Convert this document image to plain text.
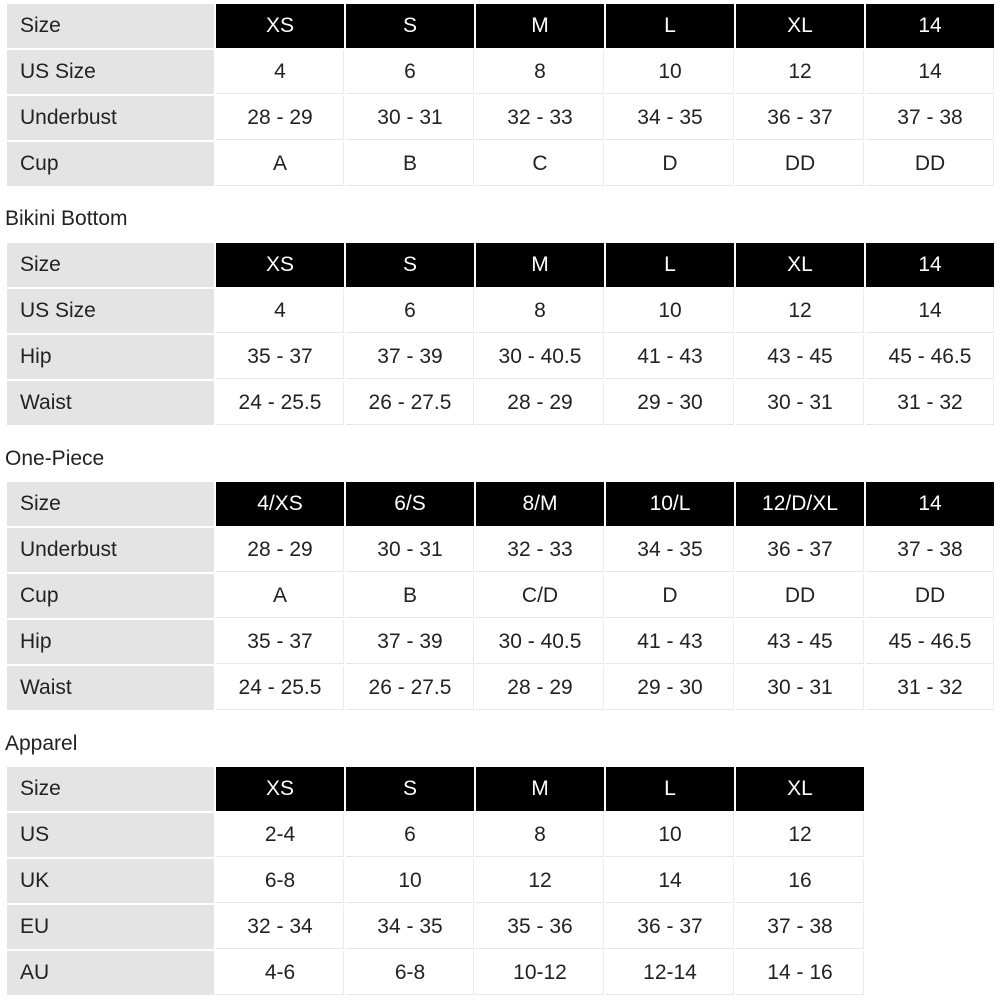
Size	XS	S	M	L	XL	14
US Size	4	6	8	10	12	14
Underbust	28 - 29	30 - 31	32 - 33	34 - 35	36 - 37	37 - 38
Cup	A	B	C	D	DD	DD
Bikini Bottom
Size	XS	S	M	L	XL	14
US Size	4	6	8	10	12	14
Hip	35 - 37	37 - 39	30 - 40.5	41 - 43	43 - 45	45 - 46.5
Waist	24 - 25.5	26 - 27.5	28 - 29	29 - 30	30 - 31	31 - 32
One-Piece
Size	4/XS	6/S	8/M	10/L	12/D/XL	14
Underbust	28 - 29	30 - 31	32 - 33	34 - 35	36 - 37	37 - 38
Cup	A	B	C/D	D	DD	DD
Hip	35 - 37	37 - 39	30 - 40.5	41 - 43	43 - 45	45 - 46.5
Waist	24 - 25.5	26 - 27.5	28 - 29	29 - 30	30 - 31	31 - 32
Apparel
Size	XS	S	M	L	XL
US	2-4	6	8	10	12
UK	6-8	10	12	14	16
EU	32 - 34	34 - 35	35 - 36	36 - 37	37 - 38
AU	4-6	6-8	10-12	12-14	14 - 16
